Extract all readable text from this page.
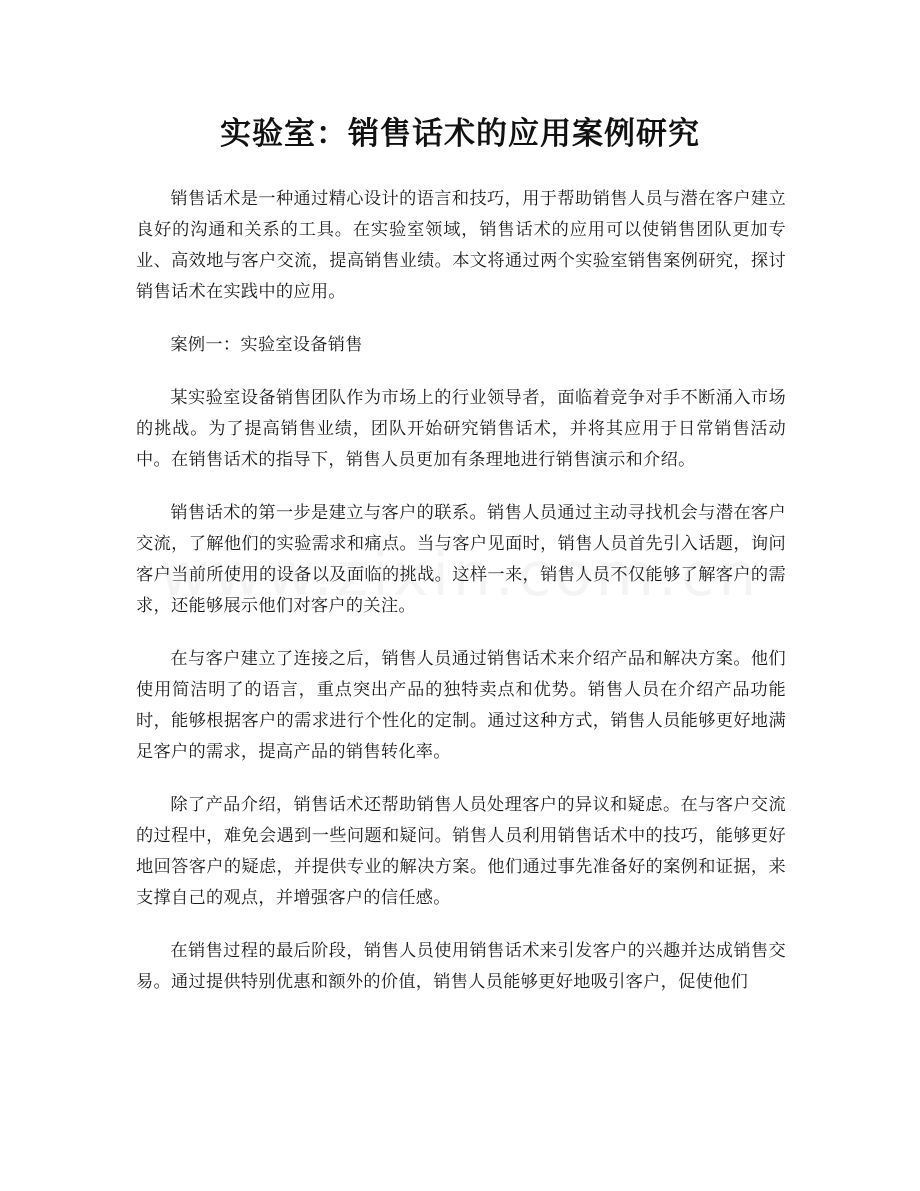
实验室：销售话术的应用案例研究

销售话术是一种通过精心设计的语言和技巧，用于帮助销售人员与潜在客户建立良好的沟通和关系的工具。在实验室领域，销售话术的应用可以使销售团队更加专业、高效地与客户交流，提高销售业绩。本文将通过两个实验室销售案例研究，探讨销售话术在实践中的应用。

案例一：实验室设备销售

某实验室设备销售团队作为市场上的行业领导者，面临着竞争对手不断涌入市场的挑战。为了提高销售业绩，团队开始研究销售话术，并将其应用于日常销售活动中。在销售话术的指导下，销售人员更加有条理地进行销售演示和介绍。

销售话术的第一步是建立与客户的联系。销售人员通过主动寻找机会与潜在客户交流，了解他们的实验需求和痛点。当与客户见面时，销售人员首先引入话题，询问客户当前所使用的设备以及面临的挑战。这样一来，销售人员不仅能够了解客户的需求，还能够展示他们对客户的关注。

在与客户建立了连接之后，销售人员通过销售话术来介绍产品和解决方案。他们使用简洁明了的语言，重点突出产品的独特卖点和优势。销售人员在介绍产品功能时，能够根据客户的需求进行个性化的定制。通过这种方式，销售人员能够更好地满足客户的需求，提高产品的销售转化率。

除了产品介绍，销售话术还帮助销售人员处理客户的异议和疑虑。在与客户交流的过程中，难免会遇到一些问题和疑问。销售人员利用销售话术中的技巧，能够更好地回答客户的疑虑，并提供专业的解决方案。他们通过事先准备好的案例和证据，来支撑自己的观点，并增强客户的信任感。

在销售过程的最后阶段，销售人员使用销售话术来引发客户的兴趣并达成销售交易。通过提供特别优惠和额外的价值，销售人员能够更好地吸引客户，促使他们
